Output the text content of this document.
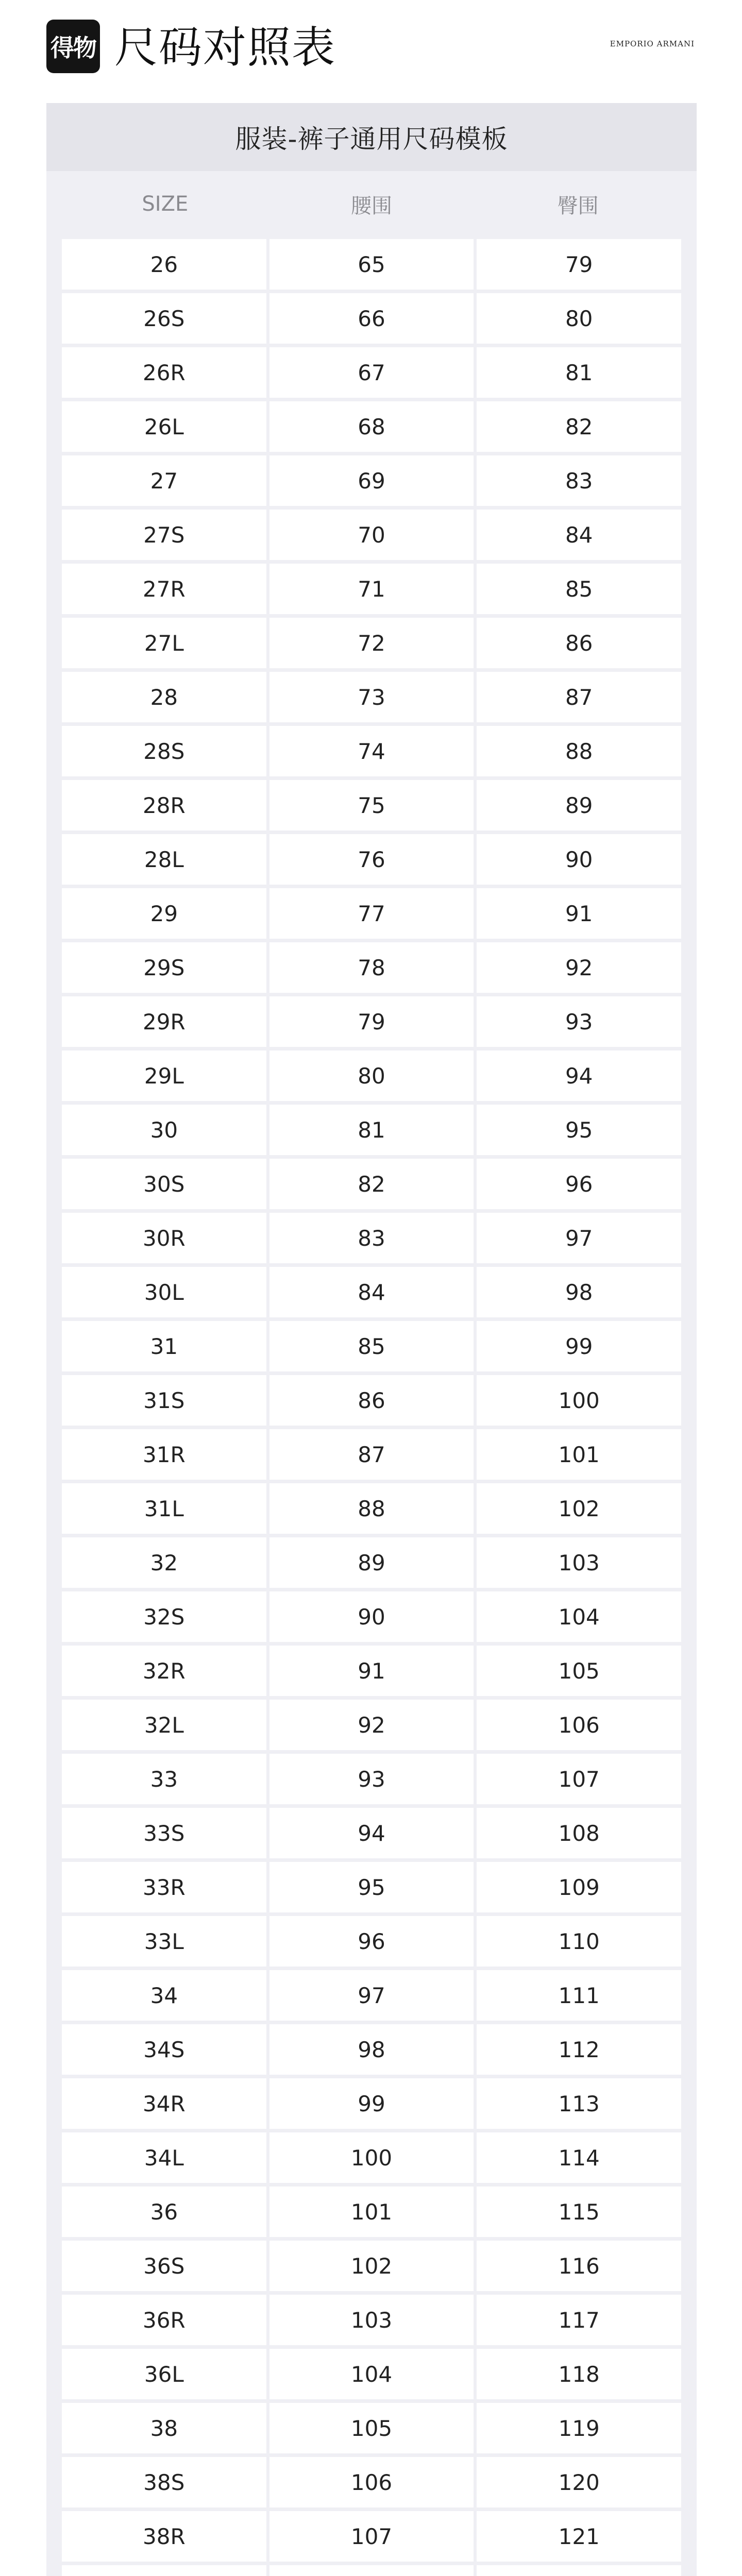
得物 尺码对照表	EMPORIO ARMANI
服装-裤子通用尺码模板
SIZE	腰围	臀围
26	65	79
26S	66	80
26R	67	81
26L	68	82
27	69	83
27S	70	84
27R	71	85
27L	72	86
28	73	87
28S	74	88
28R	75	89
28L	76	90
29	77	91
29S	78	92
29R	79	93
29L	80	94
30	81	95
30S	82	96
30R	83	97
30L	84	98
31	85	99
31S	86	100
31R	87	101
31L	88	102
32	89	103
32S	90	104
32R	91	105
32L	92	106
33	93	107
33S	94	108
33R	95	109
33L	96	110
34	97	111
34S	98	112
34R	99	113
34L	100	114
36	101	115
36S	102	116
36R	103	117
36L	104	118
38	105	119
38S	106	120
38R	107	121
